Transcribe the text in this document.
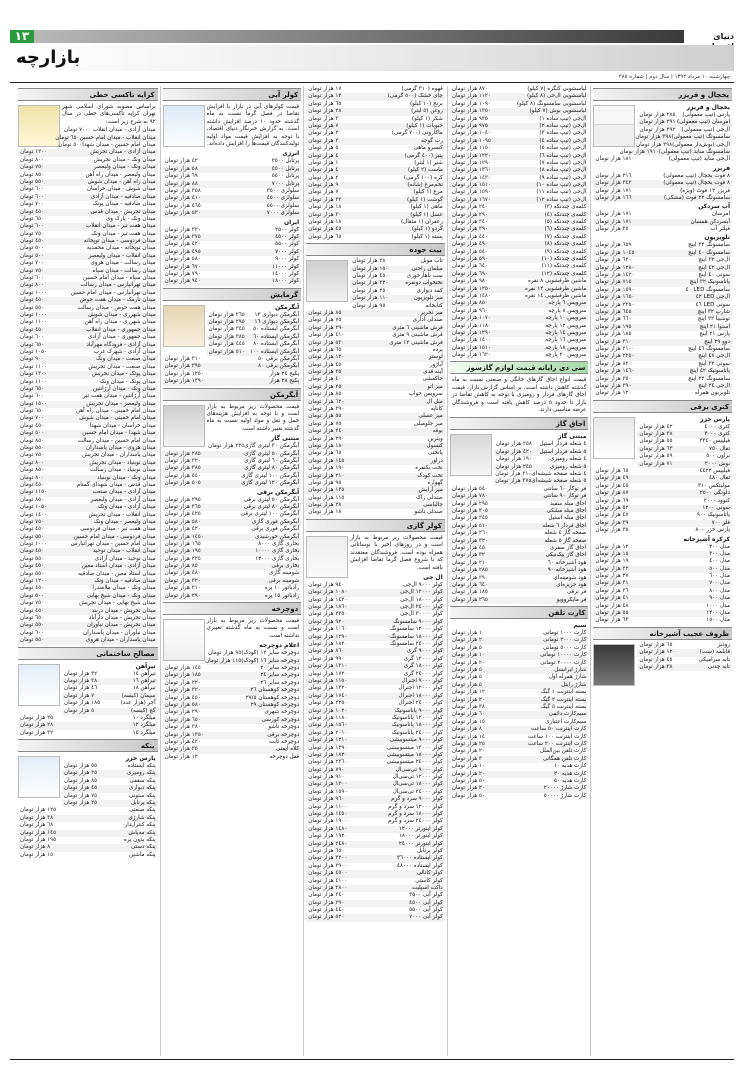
١٣	دنیای
بازارچه
چهارشنبه ١٠ مرداد ١٣٩٢ | سال دوم | شماره ٢٨٥
یخچال و فریزر
یخچال و فریزر
پارس (تیپ معمولی)
٢٨٥ هزار تومان
امرسان (تیپ معمولی)
٢٩١ هزار تومان
ال‌جی (تیپ معمولی)
٣٩٢ هزار تومان
سامسونگ (تیپ معمولی)
٣٩٨ هزار تومان
ال‌جی (بوش‌دار معمولی)
٣٩٨ هزار تومان
سامسونگ ساید (تیپ معمولی)
١٩١٠ هزار تومان
ال‌جی ساید (تیپ معمولی)
١٨١٠ هزار تومان
فریزر
٨ فوت یخچال (تیپ معمولی)
٢١٦ هزار تومان
٨ فوت یخچال (تیپ معمولی)
٣٤٢ هزار تومان
فریزر ١٢ فوت (ویژه)
١٧١ هزار تومان
سامسونگ ٢٢ فوت (مشکی)
١٦٦ هزار تومان
آب سردکن
امرسان
١٧١ هزار تومان
آبسردکن همسان
١٧١ هزار تومان
فیلتر آب
٣٥ هزار تومان
تلویزیون
سامسونگ ٣٢ اینچ
٦٥٩ هزار تومان
سامسونگ ٤٠ اینچ
١٠٤٥ هزار تومان
ال‌جی ٣٢ اینچ
٦٢٠ هزار تومان
ال‌جی ٤٢ اینچ
١٢٨٠ هزار تومان
سونی ٤٠ اینچ
١٤٢٠ هزار تومان
پاناسونیک ٣٢ اینچ
٧١٥ هزار تومان
سامسونگ LED ٤٠
١٥٩٠ هزار تومان
ال‌جی LED ٤٢
١٦٥٠ هزار تومان
سونی LED ٤٦
٢٣٥٠ هزار تومان
شارپ ٣٢ اینچ
٦٤٥ هزار تومان
توشیبا ٣٢ اینچ
٦٦٠ هزار تومان
اسنوا ٢١ اینچ
١٩٥ هزار تومان
پارس ٢١ اینچ
١٨٥ هزار تومان
دوو ٢٩ اینچ
٣١٠ هزار تومان
سامسونگ ٤٦ اینچ
٢١٠٠ هزار تومان
ال‌جی ٤٧ اینچ
٢٢٥٠ هزار تومان
سونی ٣٢ اینچ
٨٢٠ هزار تومان
پاناسونیک ٤٢ اینچ
١٤٦٠ هزار تومان
سامسونگ ٢٢ اینچ
٣٥٠ هزار تومان
ال‌جی ٢٤ اینچ
٣٩٠ هزار تومان
تلویزیون همراه
١٢٠ هزار تومان
کتری برقی
پارس خزر
کتری ٤٠٠٠
٤٢ هزار تومان
کتری ٣٠٠٠
٣٨ هزار تومان
فیلیپس ٣٣٤٠
٥٥ هزار تومان
تفال ٧٥٠
٦٣ هزار تومان
براون ٥٠٠
٥٩ هزار تومان
بوش ٢٠٠٠
٧١ هزار تومان
فیلیپس ٤٤٢٢
٦٥ هزار تومان
تفال ٤٨٠
٤٩ هزار تومان
مولینکس ٣١٠
٤٥ هزار تومان
دلونگی ٢٥٠٠
٨٧ هزار تومان
کنوود ٢٠٠٠
٦٩ هزار تومان
سونی ١٢٠٠
٥٢ هزار تومان
پاناسونیک ٩٠٠
٤٧ هزار تومان
فلر ٧٠٠
٣٩ هزار تومان
پارس خزر ٨٠٠
٣٥ هزار تومان
کرکره آشپزخانه
مدل ٢٠٠
١٢ هزار تومان
مدل ٣٠٠
١٥ هزار تومان
مدل ٤٠٠
١٩ هزار تومان
مدل ٥٠٠
٢٢ هزار تومان
مدل ٦٠٠
٢٧ هزار تومان
مدل ٧٠٠
٣١ هزار تومان
مدل ٨٠٠
٣٦ هزار تومان
مدل ٩٠٠
٤١ هزار تومان
مدل ١٠٠٠
٤٨ هزار تومان
مدل ١٢٠٠
٥٥ هزار تومان
مدل ١٥٠٠
٦٣ هزار تومان
ظروف عجیب آشپزخانه
زودپز
٦٥ هزار تومان
قابلمه (ست)
١٢٠ هزار تومان
تابه سرامیکی
٤٥ هزار تومان
تابه چدنی
٣٨ هزار تومان
لباسشویی کنگره (٧ کیلو)
٨٧٠ هزار تومان
لباسشویی ال‌جی (٨ کیلو)
١١٢٠ هزار تومان
لباسشویی سامسونگ (٨ کیلو)
١٠٩٠ هزار تومان
لباسشویی بوش (٧ کیلو)
١٣٥٠ هزار تومان
ال‌جی (تیپ ساده ١)
٩٣٥ هزار تومان
ال‌جی (تیپ ساده ٢)
٩٧٥ هزار تومان
ال‌جی (تیپ ساده ٣)
١٠٤٠ هزار تومان
ال‌جی (تیپ ساده ٤)
١٠٩٥ هزار تومان
ال‌جی (تیپ ساده ٥)
١١٥٠ هزار تومان
ال‌جی (تیپ ساده ٦)
١٢٢٠ هزار تومان
ال‌جی (تیپ ساده ٧)
١٢٩٠ هزار تومان
ال‌جی (تیپ ساده ٨)
١٣٦٠ هزار تومان
ال‌جی (تیپ ساده ٩)
١٤٣٠ هزار تومان
ال‌جی (تیپ ساده ١٠)
١٥١٠ هزار تومان
ال‌جی (تیپ ساده ١١)
١٥٩٠ هزار تومان
ال‌جی (تیپ ساده ١٢)
١٦٧٠ هزار تومان
کلمه‌ی چندتکه (٣)
٢٤٠ هزار تومان
کلمه‌ی چندتکه (٤)
٢٩٠ هزار تومان
کلمه‌ی چندتکه (٥)
٣٤٠ هزار تومان
کلمه‌ی چندتکه (٦)
٣٩٠ هزار تومان
کلمه‌ی چندتکه (٧)
٤٤٠ هزار تومان
کلمه‌ی چندتکه (٨)
٤٩٠ هزار تومان
کلمه‌ی چندتکه (٩)
٥٤٠ هزار تومان
کلمه‌ی چندتکه (١٠)
٥٩٠ هزار تومان
کلمه‌ی چندتکه (١١)
٦٤٠ هزار تومان
کلمه‌ی چندتکه (١٢)
٦٩٠ هزار تومان
ماشین ظرفشویی ٨ نفره
٩٨٠ هزار تومان
ماشین ظرفشویی ١٢ نفره
١٢٥٠ هزار تومان
ماشین ظرفشویی ١٤ نفره
١٤٨٠ هزار تومان
سرویس ٦ پارچه
٨٥٠ هزار تومان
سرویس ٨ پارچه
٩٦٠ هزار تومان
سرویس ١٠ پارچه
١٠٧٠ هزار تومان
سرویس ١٢ پارچه
١١٨٠ هزار تومان
سرویس ١٤ پارچه
١٢٩٠ هزار تومان
سرویس ١٦ پارچه
١٤٠٠ هزار تومان
سرویس ١٨ پارچه
١٥١٠ هزار تومان
سرویس ٢٠ پارچه
١٦٢٠ هزار تومان
سی دی رایانه قیمت لوازم گازسوز
قیمت انواع اجاق گازهای خانگی و صنعتی نسبت به ماه گذشته کاهش داشته است. بر اساس گزارش بازار، قیمت اجاق گازهای فردار و رومیزی با توجه به کاهش تقاضا در بازار تا حدود ٥ درصد کاهش یافته است و فروشندگان عرضه مناسبی دارند.
اجاق گاز
مبتنی گاز
٤ شعله فردار استیل
٣٥٨ هزار تومان
٥ شعله فردار استیل
٤٢٠ هزار تومان
٤ شعله رومیزی
١٩٠ هزار تومان
٥ شعله رومیزی
٢٤٥ هزار تومان
٤ شعله صفحه شیشه‌ای
٣١٠ هزار تومان
٥ شعله صفحه شیشه‌ای
٣٧٥ هزار تومان
فر توکار ٦٠ سانتی
٥٤٠ هزار تومان
فر توکار ٩٠ سانتی
٧٨٠ هزار تومان
اجاق مبله سفید
٢٩٥ هزار تومان
اجاق مبله مشکی
٣٠٥ هزار تومان
اجاق مبله استیل
٣٤٥ هزار تومان
اجاق فردار ٦ شعله
٥١٠ هزار تومان
صفحه گاز ٤ شعله
٢٦٠ هزار تومان
صفحه گاز ٥ شعله
٣٢٠ هزار تومان
اجاق گاز سفری
٤٥ هزار تومان
اجاق گاز پیک‌نیکی
٣٢ هزار تومان
هود آشپزخانه ٦٠
٢١٠ هزار تومان
هود آشپزخانه ٩٠
٢٨٥ هزار تومان
هود شومینه‌ای
٣٩٠ هزار تومان
هود جزیره‌ای
٦٤٠ هزار تومان
فر برقی
١٨٥ هزار تومان
فر مایکروویو
٢٦٥ هزار تومان
کارت تلفن
سیم
کارت ١٠٠٠ تومانی
١ هزار تومان
کارت ٢٠٠٠ تومانی
٢ هزار تومان
کارت ٥٠٠٠ تومانی
٥ هزار تومان
کارت ١٠٠٠٠ تومانی
١٠ هزار تومان
کارت ٢٠٠٠٠ تومانی
٢٠ هزار تومان
شارژ ایرانسل
٥ هزار تومان
شارژ همراه اول
٥ هزار تومان
شارژ رایتل
٥ هزار تومان
بسته اینترنت ١ گیگ
١٢ هزار تومان
بسته اینترنت ٢ گیگ
٢٠ هزار تومان
بسته اینترنت ٥ گیگ
٣٨ هزار تومان
سیم‌کارت دائمی
٦٠ هزار تومان
سیم‌کارت اعتباری
١٥ هزار تومان
کارت اینترنت ٥٠ ساعت
٨ هزار تومان
کارت اینترنت ١٠٠ ساعت
١٤ هزار تومان
کارت اینترنت ٢٠٠ ساعت
٢٥ هزار تومان
کارت تلفن بین‌الملل
٢٠ هزار تومان
کارت تلفن همگانی
٣ هزار تومان
کارت هدیه ١٠
١٠ هزار تومان
کارت هدیه ٢٠
٢٠ هزار تومان
کارت هدیه ٥٠
٥٠ هزار تومان
کارت شارژ ٢٠٠٠٠
٢٠ هزار تومان
کارت شارژ ٥٠٠٠٠
٥٠ هزار تومان
قهوه (٣١٠ گرمی)
١٧ هزار تومان
چای خشک (٥٠٠ گرمی)
١٢ هزار تومان
برنج (١٠ کیلو)
٦٥ هزار تومان
روغن (٥ لیتر)
٢٨ هزار تومان
شکر (١ کیلو)
٣ هزار تومان
حبوبات (١ کیلو)
٧ هزار تومان
ماکارونی (٧٠٠ گرمی)
٢ هزار تومان
رب گوجه
٣ هزار تومان
کنسرو ماهی
٥ هزار تومان
پنیر (٤٠٠ گرمی)
٤ هزار تومان
شیر (١ لیتر)
١ هزار تومان
ماست (٢ کیلو)
٤ هزار تومان
کره (١٠٠ گرمی)
٢ هزار تومان
تخم‌مرغ (شانه)
٩ هزار تومان
مرغ (١ کیلو)
٧ هزار تومان
گوشت (١ کیلو)
٣٢ هزار تومان
ماهی (١ کیلو)
١٨ هزار تومان
عسل (١ کیلو)
٣٠ هزار تومان
زعفران (١ مثقال)
١٨ هزار تومان
گردو (١ کیلو)
٤٥ هزار تومان
پسته (١ کیلو)
٦٥ هزار تومان
بیت جوده
تاب موبل
٢٨ هزار تومان
مبلمان راحتی
١٥٠ هزار تومان
ست ناهارخوری
٤٥٠ هزار تومان
تختخواب دونفره
٣٢٠ هزار تومان
کمد دیواری
٢٥٠ هزار تومان
میز تلویزیون
١١٠ هزار تومان
کتابخانه
٩٥ هزار تومان
میز تحریر
٨٥ هزار تومان
صندلی اداری
٧٥ هزار تومان
فرش ماشینی ٦ متری
٢٩٠ هزار تومان
فرش ماشینی ٩ متری
٤١٠ هزار تومان
فرش ماشینی ١٢ متری
٥٣٠ هزار تومان
پرده
٦٥ هزار تومان
لوستر
١٢٠ هزار تومان
آباژور
٤٥ هزار تومان
آینه قدی
٣٥ هزار تومان
جاکفشی
٤٠ هزار تومان
میز اتو
٢٥ هزار تومان
سرویس خواب
٨٥٠ هزار تومان
مبل ال
٦٢٠ هزار تومان
کاناپه
٣٩٠ هزار تومان
میز عسلی
٥٥ هزار تومان
میز جلومبلی
٧٥ هزار تومان
بوفه
٢٤٠ هزار تومان
ویترین
٢٩٠ هزار تومان
کنسول
١٨٠ هزار تومان
پاتختی
٦٥ هزار تومان
دراور
١٤٥ هزار تومان
تخت یکنفره
١٩٠ هزار تومان
تخت کودک
٢١٠ هزار تومان
گهواره
٩٥ هزار تومان
میز آرایش
١٣٥ هزار تومان
صندلی راک
١١٥ هزار تومان
جالباسی
٢٨ هزار تومان
صندلی تاشو
١٨ هزار تومان
کولر گازی
قیمت محصولات زیر مربوط به بازار است و در روزهای اخیر با نوساناتی همراه بوده است. فروشندگان معتقدند که با شروع فصل گرما تقاضا افزایش یافته است.
ال جی
کولر ٩٠٠٠ ال‌جی
٩٤٠ هزار تومان
کولر ١٢٠٠٠ ال‌جی
١٠٨٠ هزار تومان
کولر ١٨٠٠٠ ال‌جی
١٤٢٠ هزار تومان
کولر ٢٤٠٠٠ ال‌جی
١٨٦٠ هزار تومان
کولر ٣٠٠٠٠ ال‌جی
٢٣٥٠ هزار تومان
کولر ٩٠٠٠ سامسونگ
٩٢٠ هزار تومان
کولر ١٢٠٠٠ سامسونگ
١٠٦٠ هزار تومان
کولر ١٨٠٠٠ سامسونگ
١٣٩٠ هزار تومان
کولر ٢٤٠٠٠ سامسونگ
١٨٢٠ هزار تومان
کولر ٩٠٠٠ گری
٨٦٠ هزار تومان
کولر ١٢٠٠٠ گری
٩٩٠ هزار تومان
کولر ١٨٠٠٠ گری
١٣١٠ هزار تومان
کولر ٢٤٠٠٠ گری
١٧٢٠ هزار تومان
کولر ٩٠٠٠ اجنرال
١١٥٠ هزار تومان
کولر ١٢٠٠٠ اجنرال
١٣٢٠ هزار تومان
کولر ١٨٠٠٠ اجنرال
١٧٤٠ هزار تومان
کولر ٢٤٠٠٠ اجنرال
٢٢٥٠ هزار تومان
کولر ٩٠٠٠ پاناسونیک
١٠٢٠ هزار تومان
کولر ١٢٠٠٠ پاناسونیک
١١٨٠ هزار تومان
کولر ١٨٠٠٠ پاناسونیک
١٥٦٠ هزار تومان
کولر ٢٤٠٠٠ پاناسونیک
٢٠١٠ هزار تومان
کولر ٩٠٠٠ میتسوبیشی
١٢١٠ هزار تومان
کولر ١٢٠٠٠ میتسوبیشی
١٣٩٠ هزار تومان
کولر ١٨٠٠٠ میتسوبیشی
١٨٢٠ هزار تومان
کولر ٢٤٠٠٠ میتسوبیشی
٢٣٦٠ هزار تومان
کولر ٩٠٠٠ تی‌سی‌ال
٧٩٠ هزار تومان
کولر ١٢٠٠٠ تی‌سی‌ال
٩١٠ هزار تومان
کولر ١٨٠٠٠ تی‌سی‌ال
١٢٠٠ هزار تومان
کولر ٢٤٠٠٠ تی‌سی‌ال
١٥٩٠ هزار تومان
کولر ٩٠٠٠ سرد و گرم
٩٦٠ هزار تومان
کولر ١٢٠٠٠ سرد و گرم
١١٠٠ هزار تومان
کولر ١٨٠٠٠ سرد و گرم
١٤٥٠ هزار تومان
کولر ٢٤٠٠٠ سرد و گرم
١٩٠٠ هزار تومان
کولر اینورتر ١٢٠٠٠
١٤٨٠ هزار تومان
کولر اینورتر ١٨٠٠٠
١٩٢٠ هزار تومان
کولر اینورتر ٢٤٠٠٠
٢٤٨٠ هزار تومان
کولر پرتابل
٦٥٠ هزار تومان
کولر ایستاده ٣٦٠٠٠
٣٢٠٠ هزار تومان
کولر ایستاده ٤٨٠٠٠
٣٩٠٠ هزار تومان
کولر کانالی
٤٥٠٠ هزار تومان
کولر کاستی
٤١٠٠ هزار تومان
داکت اسپلیت
٣٨٠٠ هزار تومان
کولر آبی ٣٥٠٠
٣٤٠ هزار تومان
کولر آبی ٤٥٠٠
٣٩٠ هزار تومان
کولر آبی ٥٥٠٠
٤٤٠ هزار تومان
کولر آبی ٧٠٠٠
٥٢٠ هزار تومان
کولر آبی
قیمت کولرهای آبی در بازار با افزایش تقاضا در فصل گرما نسبت به ماه گذشته حدود ١٠ درصد افزایش داشته است. به گزارش خبرنگار دنیای اقتصاد، با توجه به افزایش قیمت مواد اولیه تولیدکنندگان قیمت‌ها را افزایش داده‌اند.
انرژی
پرتابل ٣٥٠٠
٤٢ هزار تومان
پرتابل ٤٥٠٠
٥٨ هزار تومان
پرتابل ٥٥٠٠
٦٩ هزار تومان
پرتابل ٧٠٠٠
٨٨ هزار تومان
سلولزی ٣٥٠٠
٣٥٨ هزار تومان
سلولزی ٤٥٠٠
٤١٠ هزار تومان
سلولزی ٥٥٠٠
٤٦٥ هزار تومان
سلولزی ٧٠٠٠
٥٣٠ هزار تومان
ایران
کولر ٣٥٠٠
٣٢٠ هزار تومان
کولر ٤٥٠٠
٣٧٥ هزار تومان
کولر ٥٥٠٠
٤٢٠ هزار تومان
کولر ٧٠٠٠
٤٩٥ هزار تومان
کولر ٩٠٠٠
٥٨٠ هزار تومان
کولر ١١٠٠٠
٦٧٠ هزار تومان
کولر ١٤٠٠٠
٧٩٠ هزار تومان
کولر ١٨٠٠٠
٩٤٠ هزار تومان
گرمایش
آبگرمکن
آبگرمکن دیواری ١٣
٢٦٥ هزار تومان
آبگرمکن دیواری ١٦
٢٩٥ هزار تومان
آبگرمکن ایستاده ٥٠
٣٤٥ هزار تومان
آبگرمکن ایستاده ٦٠
٣٨٥ هزار تومان
آبگرمکن ایستاده ٨٠
٤٤٥ هزار تومان
آبگرمکن ایستاده ١٠٠
٥١٠ هزار تومان
آبگرمکن برقی ٥٠
٣١٠ هزار تومان
آبگرمکن برقی ٨٠
٣٩٥ هزار تومان
پکیج ٢٤ هزار
١٢٥٠ هزار تومان
پکیج ٢٨ هزار
١٣٩٠ هزار تومان
آبگرمکن
قیمت محصولات زیر مربوط به بازار است و با توجه به افزایش هزینه‌های حمل و نقل و مواد اولیه نسبت به ماه گذشته تغییر داشته است.
مبتنی گاز
آبگرمکن ٣٠ لیتری گازی
٢٣٥ هزار تومان
آبگرمکن ٥٠ لیتری گازی
٢٨٥ هزار تومان
آبگرمکن ٦٠ لیتری گازی
٣٢٠ هزار تومان
آبگرمکن ٨٠ لیتری گازی
٣٨٥ هزار تومان
آبگرمکن ١٠٠ لیتری گازی
٤٤٠ هزار تومان
آبگرمکن ١٢٠ لیتری گازی
٥٠٥ هزار تومان
آبگرمکن برقی
آبگرمکن ٥٠ لیتری برقی
٢٩٥ هزار تومان
آبگرمکن ٨٠ لیتری برقی
٣٦٥ هزار تومان
آبگرمکن ١٠٠ لیتری برقی
٤٢٥ هزار تومان
آبگرمکن فوری گازی
٥٨٠ هزار تومان
آبگرمکن فوری برقی
٤٢٠ هزار تومان
آبگرمکن خورشیدی
١٤٥٠ هزار تومان
بخاری گازی ٨٠٠٠
١٦٥ هزار تومان
بخاری گازی ١٠٠٠٠
١٩٥ هزار تومان
بخاری گازی ١٢٠٠٠
٢٢٥ هزار تومان
بخاری برقی
٨٥ هزار تومان
شومینه گازی
٤٨٠ هزار تومان
شومینه برقی
٣٢٠ هزار تومان
رادیاتور ١٠ پره
٢١٠ هزار تومان
رادیاتور ١٥ پره
٢٩٠ هزار تومان
دوچرخه
قیمت محصولات زیر مربوط به بازار است و نسبت به ماه گذشته تغییری نداشته است.
اعلام دوچرخه
دوچرخه سایز ١٢ (کودک)
٩٥ هزار تومان
دوچرخه سایز ١٦ (کودک)
١١٥ هزار تومان
دوچرخه سایز ٢٠
١٤٥ هزار تومان
دوچرخه سایز ٢٤
١٨٥ هزار تومان
دوچرخه سایز ٢٦
٢٢٠ هزار تومان
دوچرخه کوهستان ٢٦
٣٢٠ هزار تومان
دوچرخه کوهستان ٢٧/٥
٤٥٠ هزار تومان
دوچرخه کوهستان ٢٩
٥٨٠ هزار تومان
دوچرخه شهری
٢٩٠ هزار تومان
دوچرخه کورسی
٦٥٠ هزار تومان
دوچرخه تاشو
٣٨٠ هزار تومان
دوچرخه برقی
١٢٥٠ هزار تومان
دوچرخه ثابت
٤٢٠ هزار تومان
کلاه ایمنی
٣٥ هزار تومان
قفل دوچرخه
١٢ هزار تومان
کرایه تاکسی خطی
براساس مصوبه شورای اسلامی شهر تهران کرایه تاکسی‌های خطی در سال ٩٢ به شرح زیر است:
میدان آزادی - میدان انقلاب
٧٠٠ تومان
میدان انقلاب - میدان امام حسین
٦٥٠ تومان
میدان امام حسین - میدان شهدا
٥٠٠ تومان
میدان آزادی - میدان تجریش
١٢٠٠ تومان
میدان ونک - میدان تجریش
٨٠٠ تومان
میدان ونک - میدان ولیعصر
٧٥٠ تومان
میدان ولیعصر - میدان راه آهن
٨٥٠ تومان
میدان راه آهن - میدان شوش
٥٥٠ تومان
میدان شوش - میدان خراسان
٦٠٠ تومان
میدان صادقیه - میدان آزادی
٦٠٠ تومان
میدان صادقیه - میدان پونک
٧٠٠ تومان
میدان تجریش - میدان قدس
٤٥٠ تومان
میدان ونک - پارک وی
٦٥٠ تومان
میدان هفت تیر - میدان انقلاب
٦٠٠ تومان
میدان هفت تیر - میدان ونک
٧٥٠ تومان
میدان فردوسی - میدان توپخانه
٤٥٠ تومان
میدان توپخانه - میدان محمدیه
٥٠٠ تومان
میدان انقلاب - میدان ولیعصر
٥٠٠ تومان
میدان رسالت - میدان هروی
٧٠٠ تومان
میدان رسالت - میدان سپاه
٧٥٠ تومان
میدان سپاه - میدان امام حسین
٦٠٠ تومان
میدان تهرانپارس - میدان رسالت
٨٠٠ تومان
میدان تهرانپارس - میدان امام حسین
١٠٠٠ تومان
میدان نارمک - میدان هفت حوض
٤٥٠ تومان
میدان هفت حوض - میدان رسالت
٥٥٠ تومان
میدان شهرری - میدان شوش
١٠٠٠ تومان
میدان شهرری - میدان راه آهن
١١٠٠ تومان
میدان جمهوری - میدان انقلاب
٤٥٠ تومان
میدان جمهوری - میدان آزادی
٦٠٠ تومان
میدان آزادی - فرودگاه مهرآباد
٦٥٠ تومان
میدان آزادی - شهرک غرب
١٠٥٠ تومان
میدان صنعت - میدان ونک
٩٠٠ تومان
میدان صنعت - میدان تجریش
١١٠٠ تومان
میدان پونک - میدان تجریش
١٣٠٠ تومان
میدان پونک - میدان ونک
١١٠٠ تومان
میدان ونک - میدان آرژانتین
٦٥٠ تومان
میدان آرژانتین - میدان هفت تیر
٦٠٠ تومان
میدان ولیعصر - میدان تجریش
١٥٠٠ تومان
میدان امام خمینی - میدان راه آهن
٦٥٠ تومان
میدان امام خمینی - میدان شوش
٧٠٠ تومان
میدان خراسان - میدان شهدا
٤٥٠ تومان
میدان شهدا - میدان امام حسین
٥٠٠ تومان
میدان امام حسین - میدان رسالت
٨٥٠ تومان
میدان هروی - میدان پاسداران
٥٥٠ تومان
میدان پاسداران - میدان تجریش
٧٥٠ تومان
میدان نوبنیاد - میدان تجریش
٨٠٠ تومان
میدان نوبنیاد - میدان رسالت
٨٥٠ تومان
میدان ونک - میدان نوبنیاد
٨٠٠ تومان
میدان قدس - میدان شهدای گمنام
٤٥٠ تومان
میدان آزادی - میدان صنعت
١١٥٠ تومان
میدان آزادی - میدان ولیعصر
٨٥٠ تومان
میدان آزادی - میدان ونک
١٠٥٠ تومان
میدان انقلاب - میدان تجریش
١٤٠٠ تومان
میدان ولیعصر - میدان ونک
٧٥٠ تومان
میدان هفت تیر - میدان فردوسی
٤٥٠ تومان
میدان فردوسی - میدان امام حسین
٥٥٠ تومان
میدان امام حسین - میدان تهرانپارس
١٠٠٠ تومان
میدان انقلاب - میدان توحید
٤٥٠ تومان
میدان توحید - میدان آزادی
٥٥٠ تومان
میدان آزادی - میدان استاد معین
٤٥٠ تومان
میدان استاد معین - میدان صادقیه
٥٥٠ تومان
میدان صادقیه - میدان ونک
١٢٠٠ تومان
میدان ونک - میدان ملاصدرا
٤٥٠ تومان
میدان ونک - میدان شیخ بهایی
٥٠٠ تومان
میدان شیخ بهایی - میدان تجریش
٧٥٠ تومان
میدان تجریش - میدان دربند
٤٥٠ تومان
میدان تجریش - میدان دارآباد
٦٥٠ تومان
میدان تجریش - میدان نیاوران
٥٥٠ تومان
میدان نیاوران - میدان پاسداران
٦٠٠ تومان
میدان پاسداران - میدان هروی
٥٥٠ تومان
مصالح ساختمانی
تیرآهن
تیرآهن ١٤
٣٢ هزار تومان
تیرآهن ١٦
٣٨ هزار تومان
تیرآهن ١٨
٤٦ هزار تومان
سیمان (کیسه)
٧ هزار تومان
آجر (هزار عدد)
١٨٥ هزار تومان
گچ (کیسه)
٥ هزار تومان
میلگرد ١٠
٢٥ هزار تومان
میلگرد ١٢
٢٨ هزار تومان
میلگرد ١٤
٣٢ هزار تومان
پنکه
پارس خزر
پنکه ایستاده
٥٥ هزار تومان
پنکه رومیزی
٣٥ هزار تومان
پنکه سقفی
٨٥ هزار تومان
پنکه دیواری
٤٥ هزار تومان
پنکه ستونی
٧٥ هزار تومان
پنکه پرتابل
٢٥ هزار تومان
پنکه صنعتی
١٢٥ هزار تومان
پنکه شارژی
٣٨ هزار تومان
پنکه کنترل‌دار
٦٨ هزار تومان
پنکه مه‌پاش
١٤٥ هزار تومان
پنکه بدون پره
١٩٥ هزار تومان
پنکه دستی
٨ هزار تومان
پنکه ماشین
١٥ هزار تومان
